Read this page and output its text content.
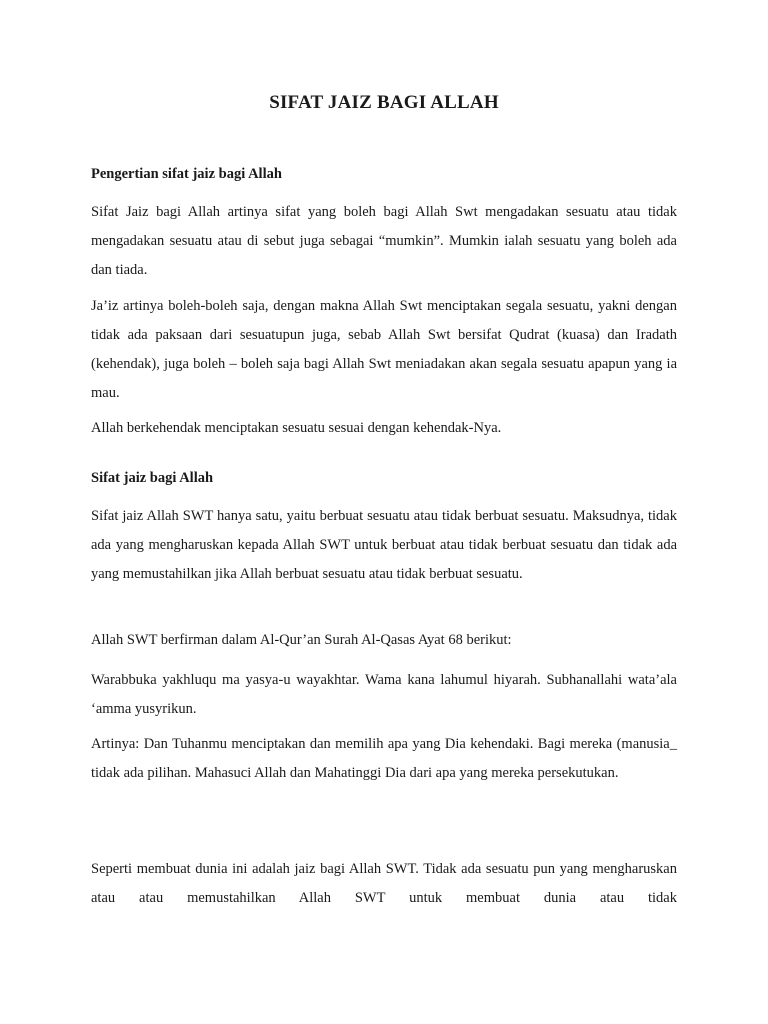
SIFAT JAIZ BAGI ALLAH

Pengertian sifat jaiz bagi Allah

Sifat Jaiz bagi Allah artinya sifat yang boleh bagi Allah Swt mengadakan sesuatu atau tidak mengadakan sesuatu atau di sebut juga sebagai “mumkin”. Mumkin ialah sesuatu yang boleh ada dan tiada.

Ja’iz artinya boleh-boleh saja, dengan makna Allah Swt menciptakan segala sesuatu, yakni dengan tidak ada paksaan dari sesuatupun juga, sebab Allah Swt bersifat Qudrat (kuasa) dan Iradath (kehendak), juga boleh – boleh saja bagi Allah Swt meniadakan akan segala sesuatu apapun yang ia mau.

Allah berkehendak menciptakan sesuatu sesuai dengan kehendak-Nya.

Sifat jaiz bagi Allah

Sifat jaiz Allah SWT hanya satu, yaitu berbuat sesuatu atau tidak berbuat sesuatu. Maksudnya, tidak ada yang mengharuskan kepada Allah SWT untuk berbuat atau tidak berbuat sesuatu dan tidak ada yang memustahilkan jika Allah berbuat sesuatu atau tidak berbuat sesuatu.

Allah SWT berfirman dalam Al-Qur’an Surah Al-Qasas Ayat 68 berikut:

Warabbuka yakhluqu ma yasya-u wayakhtar. Wama kana lahumul hiyarah. Subhanallahi wata’ala ‘amma yusyrikun.

Artinya: Dan Tuhanmu menciptakan dan memilih apa yang Dia kehendaki. Bagi mereka (manusia_ tidak ada pilihan. Mahasuci Allah dan Mahatinggi Dia dari apa yang mereka persekutukan.

Seperti membuat dunia ini adalah jaiz bagi Allah SWT. Tidak ada sesuatu pun yang mengharuskan atau atau memustahilkan Allah SWT untuk membuat dunia atau tidak
